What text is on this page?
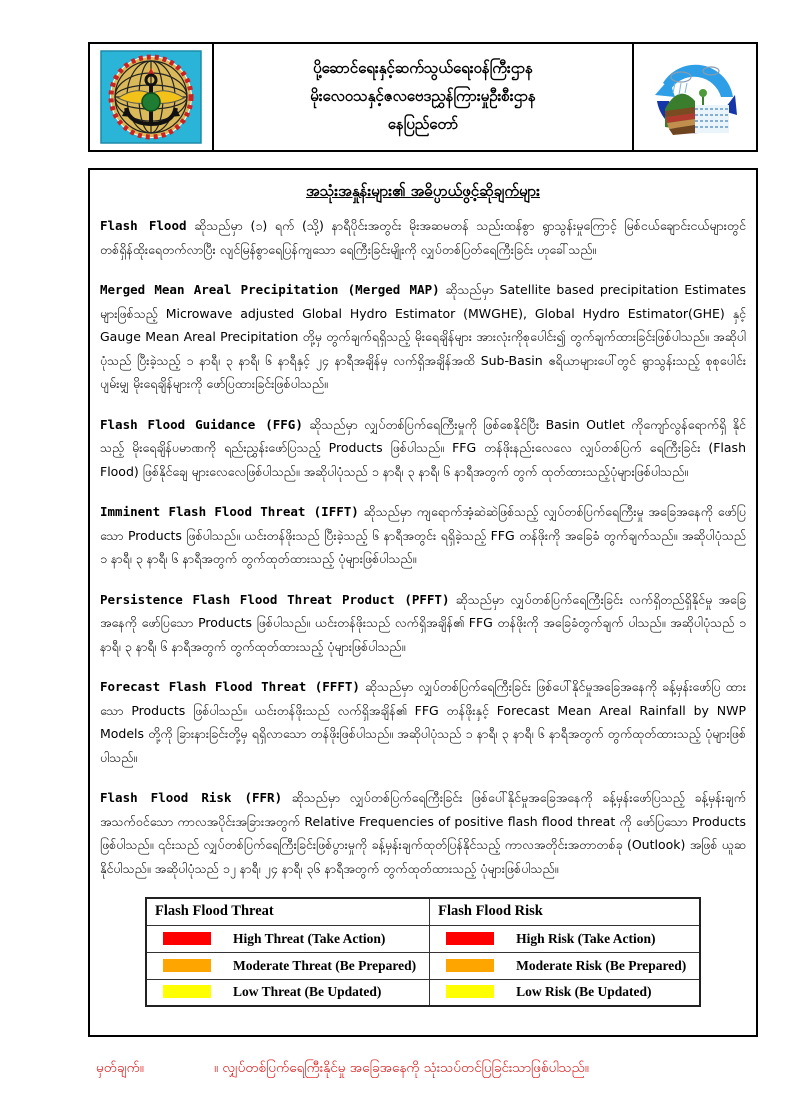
ပို့ဆောင်ရေးနှင့်ဆက်သွယ်ရေးဝန်ကြီးဌာန
မိုးလေဝသနှင့်ဇလဗေဒညွှန်ကြားမှုဦးစီးဌာန
နေပြည်တော်
အသုံးအနှုန်းများ၏ အဓိပ္ပာယ်ဖွင့်ဆိုချက်များ

Flash Flood ဆိုသည်မှာ (၁) ရက် (သို့) နာရီပိုင်းအတွင်း မိုးအဆမတန် သည်းထန်စွာ ရွာသွန်းမှုကြောင့် မြစ်ငယ်ချောင်းငယ်များတွင် တစ်ရှိန်ထိုးရေတက်လာပြီး လျင်မြန်စွာရေပြန်ကျသော ရေကြီးခြင်းမျိုးကို လျှပ်တစ်ပြတ်ရေကြီးခြင်း ဟုခေါ်သည်။

Merged Mean Areal Precipitation (Merged MAP) ဆိုသည်မှာ Satellite based precipitation Estimates များဖြစ်သည့် Microwave adjusted Global Hydro Estimator (MWGHE), Global Hydro Estimator(GHE) နှင့် Gauge Mean Areal Precipitation တို့မှ တွက်ချက်ရရှိသည့် မိုးရေချိန်များ အားလုံးကိုစုပေါင်း၍ တွက်ချက်ထားခြင်းဖြစ်ပါသည်။ အဆိုပါ ပုံသည် ပြီးခဲ့သည့် ၁ နာရီ၊ ၃ နာရီ၊ ၆ နာရီနှင့် ၂၄ နာရီအချိန်မှ လက်ရှိအချိန်အထိ Sub-Basin ဧရိယာများပေါ်တွင် ရွာသွန်းသည့် စုစုပေါင်း ပျမ်းမျှ မိုးရေချိန်များကို ဖော်ပြထားခြင်းဖြစ်ပါသည်။

Flash Flood Guidance (FFG) ဆိုသည်မှာ လျှပ်တစ်ပြက်ရေကြီးမှုကို ဖြစ်စေနိုင်ပြီး Basin Outlet ကိုကျော်လွန်ရောက်ရှိ နိုင်သည့် မိုးရေချိန်ပမာဏကို ရည်းညွှန်းဖော်ပြသည့် Products ဖြစ်ပါသည်။ FFG တန်ဖိုးနည်းလေလေ လျှပ်တစ်ပြက် ရေကြီးခြင်း (Flash Flood) ဖြစ်နိုင်ချေ များလေလေဖြစ်ပါသည်။ အဆိုပါပုံသည် ၁ နာရီ၊ ၃ နာရီ၊ ၆ နာရီအတွက် တွက် ထုတ်ထားသည့်ပုံများဖြစ်ပါသည်။

Imminent Flash Flood Threat (IFFT) ဆိုသည်မှာ ကျရောက်အံ့ဆဲဆဲဖြစ်သည့် လျှပ်တစ်ပြက်ရေကြီးမှု အခြေအနေကို ဖော်ပြသော Products ဖြစ်ပါသည်။ ယင်းတန်ဖိုးသည် ပြီးခဲ့သည့် ၆ နာရီအတွင်း ရရှိခဲ့သည့် FFG တန်ဖိုးကို အခြေခံ တွက်ချက်သည်။ အဆိုပါပုံသည် ၁ နာရီ၊ ၃ နာရီ၊ ၆ နာရီအတွက် တွက်ထုတ်ထားသည့် ပုံများဖြစ်ပါသည်။

Persistence Flash Flood Threat Product (PFFT) ဆိုသည်မှာ လျှပ်တစ်ပြက်ရေကြီးခြင်း လက်ရှိတည်ရှိနိုင်မှု အခြေ အနေကို ဖော်ပြသော Products ဖြစ်ပါသည်။ ယင်းတန်ဖိုးသည် လက်ရှိအချိန်၏ FFG တန်ဖိုးကို အခြေခံတွက်ချက် ပါသည်။ အဆိုပါပုံသည် ၁ နာရီ၊ ၃ နာရီ၊ ၆ နာရီအတွက် တွက်ထုတ်ထားသည့် ပုံများဖြစ်ပါသည်။

Forecast Flash Flood Threat (FFFT) ဆိုသည်မှာ လျှပ်တစ်ပြက်ရေကြီးခြင်း ဖြစ်ပေါ်နိုင်မှုအခြေအနေကို ခန့်မှန်းဖော်ပြ ထားသော Products ဖြစ်ပါသည်။ ယင်းတန်ဖိုးသည် လက်ရှိအချိန်၏ FFG တန်ဖိုးနှင့် Forecast Mean Areal Rainfall by NWP Models တို့ကို ခြားနားခြင်းတို့မှ ရရှိလာသော တန်ဖိုးဖြစ်ပါသည်။ အဆိုပါပုံသည် ၁ နာရီ၊ ၃ နာရီ၊ ၆ နာရီအတွက် တွက်ထုတ်ထားသည့် ပုံများဖြစ်ပါသည်။

Flash Flood Risk (FFR) ဆိုသည်မှာ လျှပ်တစ်ပြက်ရေကြီးခြင်း ဖြစ်ပေါ်နိုင်မှုအခြေအနေကို ခန့်မှန်းဖော်ပြသည့် ခန့်မှန်းချက် အသက်ဝင်သော ကာလအပိုင်းအခြားအတွက် Relative Frequencies of positive flash flood threat ကို ဖော်ပြသော Products ဖြစ်ပါသည်။ ၎င်းသည် လျှပ်တစ်ပြက်ရေကြီးခြင်းဖြစ်ပွားမှုကို ခန့်မှန်းချက်ထုတ်ပြန်နိုင်သည့် ကာလအတိုင်းအတာတစ်ခု (Outlook) အဖြစ် ယူဆနိုင်ပါသည်။ အဆိုပါပုံသည် ၁၂ နာရီ၊ ၂၄ နာရီ၊ ၃၆ နာရီအတွက် တွက်ထုတ်ထားသည့် ပုံများဖြစ်ပါသည်။

Flash Flood Threat	Flash Flood Risk
High Threat (Take Action)	High Risk (Take Action)
Moderate Threat (Be Prepared)	Moderate Risk (Be Prepared)
Low Threat (Be Updated)	Low Risk (Be Updated)
မှတ်ချက်။	။ လျှပ်တစ်ပြက်ရေကြီးနိုင်မှု အခြေအနေကို သုံးသပ်တင်ပြခြင်းသာဖြစ်ပါသည်။
